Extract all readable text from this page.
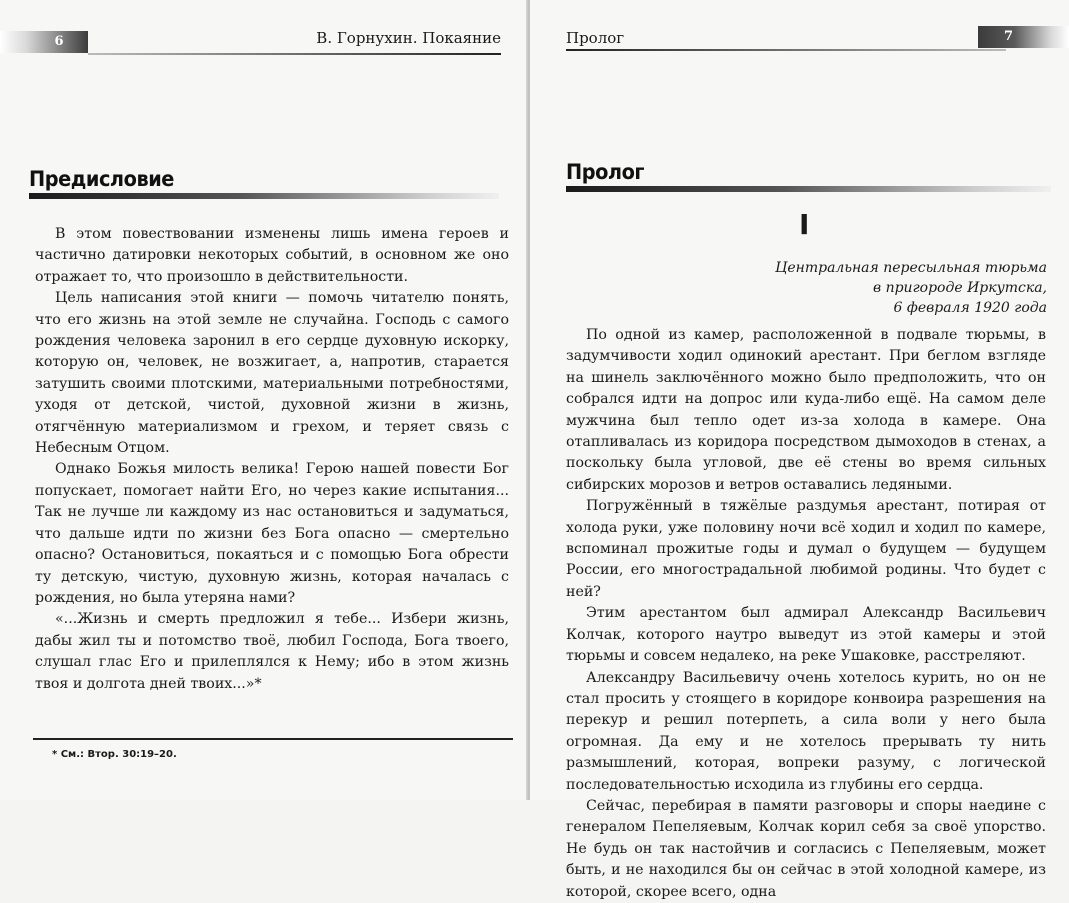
6	В. Горнухин. Покаяние
Предисловие

В этом повествовании изменены лишь имена героев и частично датировки некоторых событий, в основном же оно отражает то, что произошло в действительности.

Цель написания этой книги — помочь читателю понять, что его жизнь на этой земле не случайна. Господь с самого рождения человека заронил в его сердце духовную искорку, которую он, человек, не возжигает, а, напротив, старается затушить своими плотскими, материальными потребностями, уходя от детской, чистой, духовной жизни в жизнь, отягчённую материализмом и грехом, и теряет связь с Небесным Отцом.

Однако Божья милость велика! Герою нашей повести Бог попускает, помогает найти Его, но через какие испытания... Так не лучше ли каждому из нас остановиться и задуматься, что дальше идти по жизни без Бога опасно — смертельно опасно? Остановиться, покаяться и с помощью Бога обрести ту детскую, чистую, духовную жизнь, которая началась с рождения, но была утеряна нами?

«...Жизнь и смерть предложил я тебе... Избери жизнь, дабы жил ты и потомство твоё, любил Господа, Бога твоего, слушал глас Его и прилеплялся к Нему; ибо в этом жизнь твоя и долгота дней твоих...»*

* См.: Втор. 30:19–20.
Пролог	7
Пролог
I
Центральная пересыльная тюрьма
в пригороде Иркутска,
6 февраля 1920 года

По одной из камер, расположенной в подвале тюрьмы, в задумчивости ходил одинокий арестант. При беглом взгляде на шинель заключённого можно было предположить, что он собрался идти на допрос или куда-либо ещё. На самом деле мужчина был тепло одет из-за холода в камере. Она отапливалась из коридора посредством дымоходов в стенах, а поскольку была угловой, две её стены во время сильных сибирских морозов и ветров оставались ледяными.

Погружённый в тяжёлые раздумья арестант, потирая от холода руки, уже половину ночи всё ходил и ходил по камере, вспоминал прожитые годы и думал о будущем — будущем России, его многострадальной любимой родины. Что будет с ней?

Этим арестантом был адмирал Александр Васильевич Колчак, которого наутро выведут из этой камеры и этой тюрьмы и совсем недалеко, на реке Ушаковке, расстреляют.

Александру Васильевичу очень хотелось курить, но он не стал просить у стоящего в коридоре конвоира разрешения на перекур и решил потерпеть, а сила воли у него была огромная. Да ему и не хотелось прерывать ту нить размышлений, которая, вопреки разуму, с логической последовательностью исходила из глубины его сердца.

Сейчас, перебирая в памяти разговоры и споры наедине с генералом Пепеляевым, Колчак корил себя за своё упорство. Не будь он так настойчив и согласись с Пепеляевым, может быть, и не находился бы он сейчас в этой холодной камере, из которой, скорее всего, одна
